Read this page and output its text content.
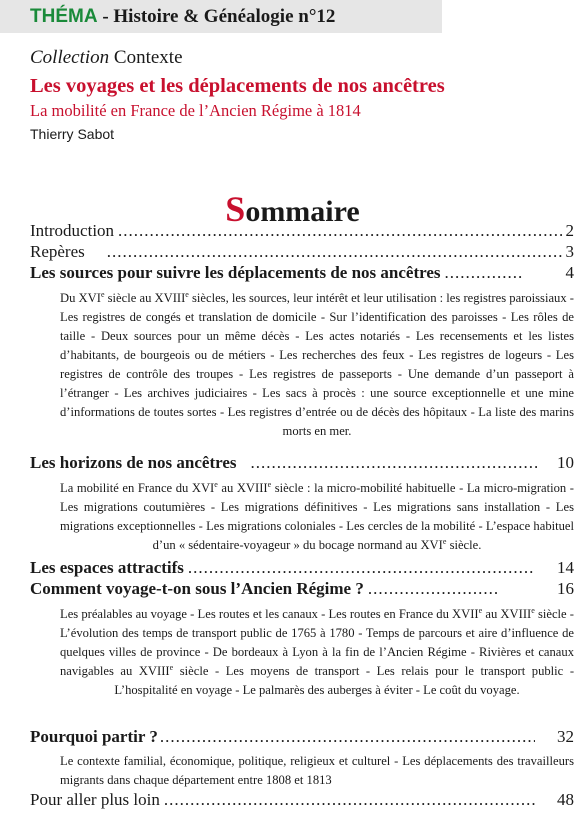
THÉMA - Histoire & Généalogie n°12
Collection Contexte
Les voyages et les déplacements de nos ancêtres
La mobilité en France de l’Ancien Régime à 1814
Thierry Sabot
Sommaire
Introduction .....	2
Repères .....	3
Les sources pour suivre les déplacements de nos ancêtres .....	4
Du XVIe siècle au XVIIIe siècles, les sources, leur intérêt et leur utilisation : les registres paroissiaux - Les registres de congés et translation de domicile - Sur l’identification des paroisses - Les rôles de taille - Deux sources pour un même décès - Les actes notariés - Les recensements et les listes d’habitants, de bourgeois ou de métiers - Les recherches des feux - Les registres de logeurs - Les registres de contrôle des troupes - Les registres de passeports - Une demande d’un passeport à l’étranger - Les archives judiciaires - Les sacs à procès : une source exceptionnelle et une mine d’informations de toutes sortes - Les registres d’entrée ou de décès des hôpitaux - La liste des marins morts en mer.
Les horizons de nos ancêtres .....	10
La mobilité en France du XVIe au XVIIIe siècle : la micro-mobilité habituelle - La micro-migration - Les migrations coutumières - Les migrations définitives - Les migrations sans installation - Les migrations exceptionnelles - Les migrations coloniales - Les cercles de la mobilité - L’espace habituel d’un « sédentaire-voyageur » du bocage normand au XVIe siècle.
Les espaces attractifs .....	14
Comment voyage-t-on sous l’Ancien Régime ? .....	16
Les préalables au voyage - Les routes et les canaux - Les routes en France du XVIIe au XVIIIe siècle - L’évolution des temps de transport public de 1765 à 1780 - Temps de parcours et aire d’influence de quelques villes de province - De bordeaux à Lyon à la fin de l’Ancien Régime - Rivières et canaux navigables au XVIIIe siècle - Les moyens de transport - Les relais pour le transport public - L’hospitalité en voyage - Le palmarès des auberges à éviter - Le coût du voyage.
Pourquoi partir ? .....	32
Le contexte familial, économique, politique, religieux et culturel - Les déplacements des travailleurs migrants dans chaque département entre 1808 et 1813
Pour aller plus loin .....	48
